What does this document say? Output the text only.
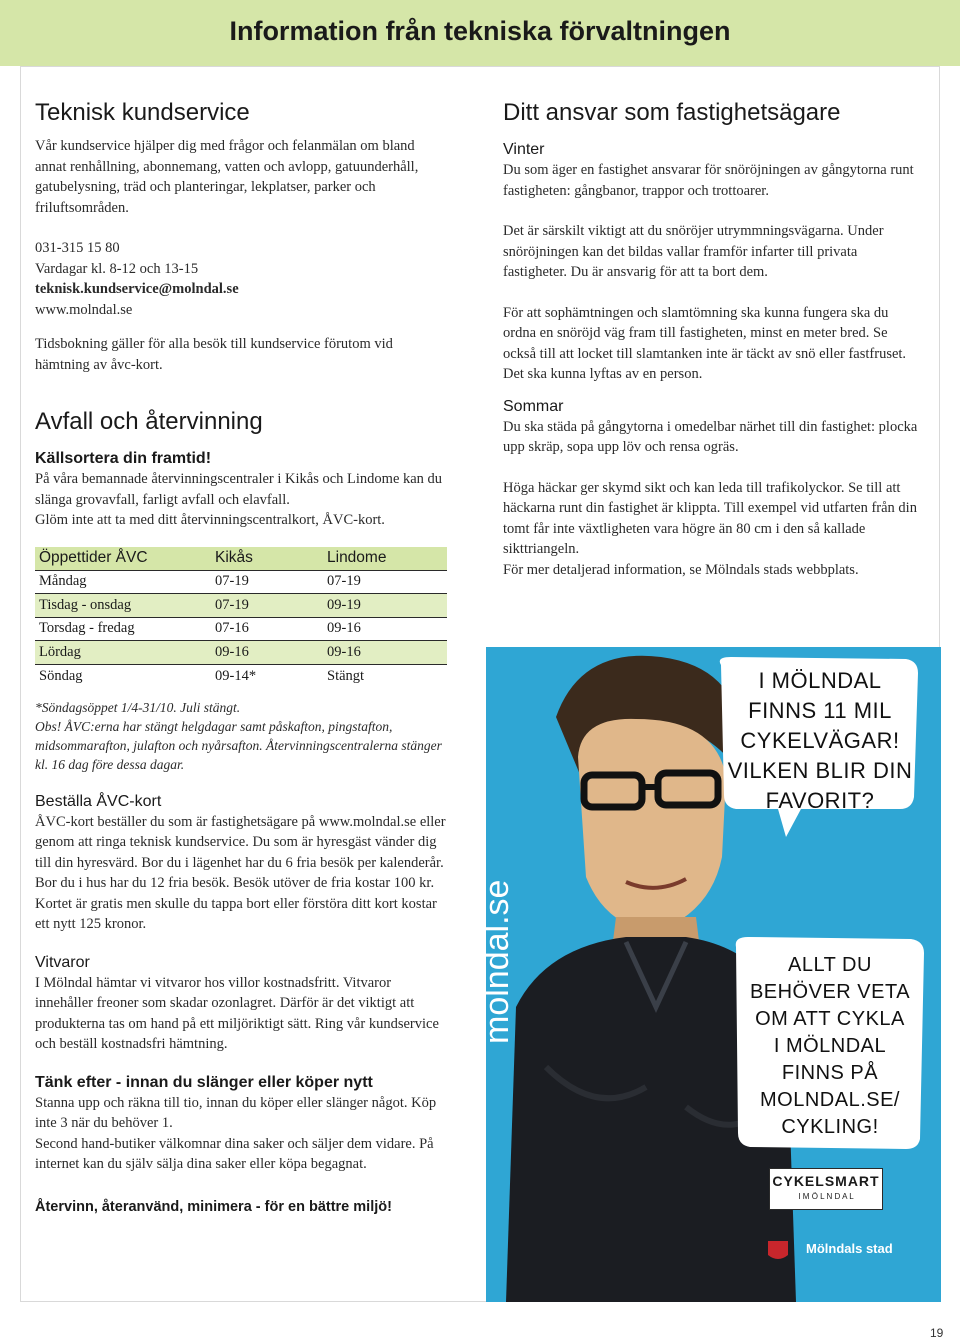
Information från tekniska förvaltningen
Teknisk kundservice

Vår kundservice hjälper dig med frågor och felanmälan om bland annat renhållning, abonnemang, vatten och avlopp, gatuunderhåll, gatubelysning, träd och planteringar, lekplatser, parker och friluftsområden.

031-315 15 80

Vardagar kl. 8-12 och 13-15

teknisk.kundservice@molndal.se

www.molndal.se

Tidsbokning gäller för alla besök till kundservice förutom vid hämtning av åvc-kort.

Avfall och återvinning
Källsortera din framtid!

På våra bemannade återvinningscentraler i Kikås och Lindome kan du slänga grovavfall, farligt avfall och elavfall.

Glöm inte att ta med ditt återvinningscentralkort, ÅVC-kort.

Öppettider ÅVC	Kikås	Lindome
Måndag	07-19	07-19
Tisdag - onsdag	07-19	09-19
Torsdag - fredag	07-16	09-16
Lördag	09-16	09-16
Söndag	09-14*	Stängt

*Söndagsöppet 1/4-31/10. Juli stängt.

Obs! ÅVC:erna har stängt helgdagar samt påskafton, pingstafton, midsommarafton, julafton och nyårsafton. Återvinningscentralerna stänger kl. 16 dag före dessa dagar.

Beställa ÅVC-kort

ÅVC-kort beställer du som är fastighetsägare på www.molndal.se eller genom att ringa teknisk kundservice. Du som är hyresgäst vänder dig till din hyresvärd. Bor du i lägenhet har du 6 fria besök per kalenderår. Bor du i hus har du 12 fria besök. Besök utöver de fria kostar 100 kr. Kortet är gratis men skulle du tappa bort eller förstöra ditt kort kostar ett nytt 125 kronor.

Vitvaror

I Mölndal hämtar vi vitvaror hos villor kostnadsfritt. Vitvaror innehåller freoner som skadar ozonlagret. Därför är det viktigt att produkterna tas om hand på ett miljöriktigt sätt. Ring vår kundservice och beställ kostnadsfri hämtning.

Tänk efter - innan du slänger eller köper nytt

Stanna upp och räkna till tio, innan du köper eller slänger något. Köp inte 3 när du behöver 1.

Second hand-butiker välkomnar dina saker och säljer dem vidare. På internet kan du själv sälja dina saker eller köpa begagnat.

Återvinn, återanvänd, minimera - för en bättre miljö!
Ditt ansvar som fastighetsägare
Vinter

Du som äger en fastighet ansvarar för snöröjningen av gångytorna runt fastigheten: gångbanor, trappor och trottoarer.

Det är särskilt viktigt att du snöröjer utrymmningsvägarna. Under snöröjningen kan det bildas vallar framför infarter till privata fastigheter. Du är ansvarig för att ta bort dem.

För att sophämtningen och slamtömning ska kunna fungera ska du ordna en snöröjd väg fram till fastigheten, minst en meter bred. Se också till att locket till slamtanken inte är täckt av snö eller fastfruset. Det ska kunna lyftas av en person.

Sommar

Du ska städa på gångytorna i omedelbar närhet till din fastighet: plocka upp skräp, sopa upp löv och rensa ogräs.

Höga häckar ger skymd sikt och kan leda till trafikolyckor. Se till att häckarna runt din fastighet är klippta. Till exempel vid utfarten från din tomt får inte växtligheten vara högre än 80 cm i den så kallade sikttriangeln.

För mer detaljerad information, se Mölndals stads webbplats.

molndal.se
I MÖLNDAL
FINNS 11 MIL
CYKELVÄGAR!
VILKEN BLIR DIN
FAVORIT?
ALLT DU
BEHÖVER VETA
OM ATT CYKLA
I MÖLNDAL
FINNS PÅ
MOLNDAL.SE/
CYKLING!
CYKELSMART
I M Ö L N D A L
Mölndals stad
19
